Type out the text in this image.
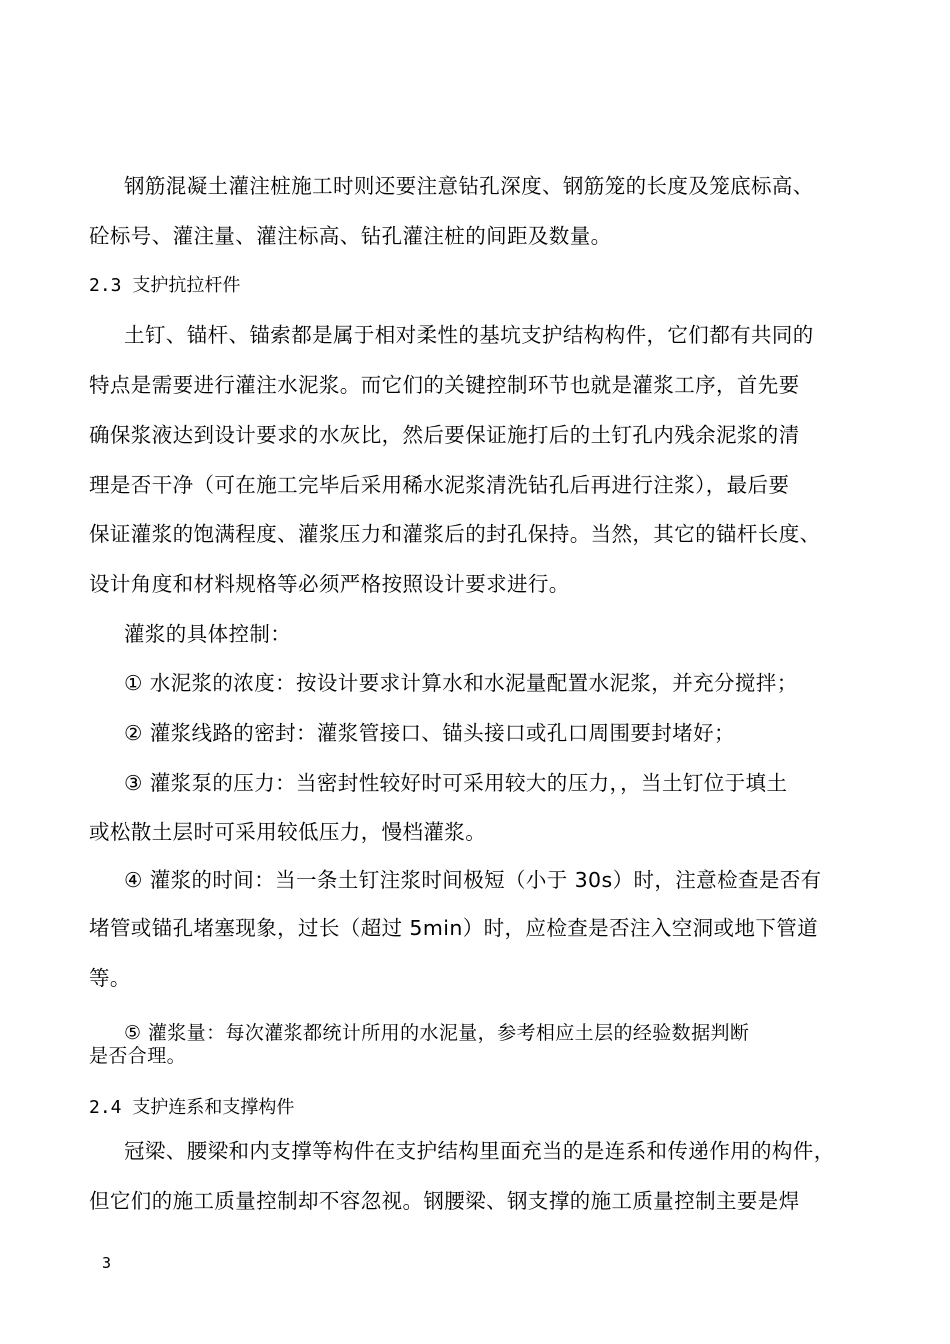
钢筋混凝土灌注桩施工时则还要注意钻孔深度、钢筋笼的长度及笼底标高、
砼标号、灌注量、灌注标高、钻孔灌注桩的间距及数量。
2.3 支护抗拉杆件
土钉、锚杆、锚索都是属于相对柔性的基坑支护结构构件，它们都有共同的
特点是需要进行灌注水泥浆。而它们的关键控制环节也就是灌浆工序，首先要
确保浆液达到设计要求的水灰比，然后要保证施打后的土钉孔内残余泥浆的清
理是否干净（可在施工完毕后采用稀水泥浆清洗钻孔后再进行注浆），最后要
保证灌浆的饱满程度、灌浆压力和灌浆后的封孔保持。当然，其它的锚杆长度、
设计角度和材料规格等必须严格按照设计要求进行。
灌浆的具体控制：
① 水泥浆的浓度：按设计要求计算水和水泥量配置水泥浆，并充分搅拌；
② 灌浆线路的密封：灌浆管接口、锚头接口或孔口周围要封堵好；
③ 灌浆泵的压力：当密封性较好时可采用较大的压力，，当土钉位于填土
或松散土层时可采用较低压力，慢档灌浆。
④ 灌浆的时间：当一条土钉注浆时间极短（小于 30s）时，注意检查是否有
堵管或锚孔堵塞现象，过长（超过 5min）时，应检查是否注入空洞或地下管道
等。
⑤ 灌浆量：每次灌浆都统计所用的水泥量，参考相应土层的经验数据判断
是否合理。
2.4 支护连系和支撑构件
冠梁、腰梁和内支撑等构件在支护结构里面充当的是连系和传递作用的构件，
但它们的施工质量控制却不容忽视。钢腰梁、钢支撑的施工质量控制主要是焊
3
